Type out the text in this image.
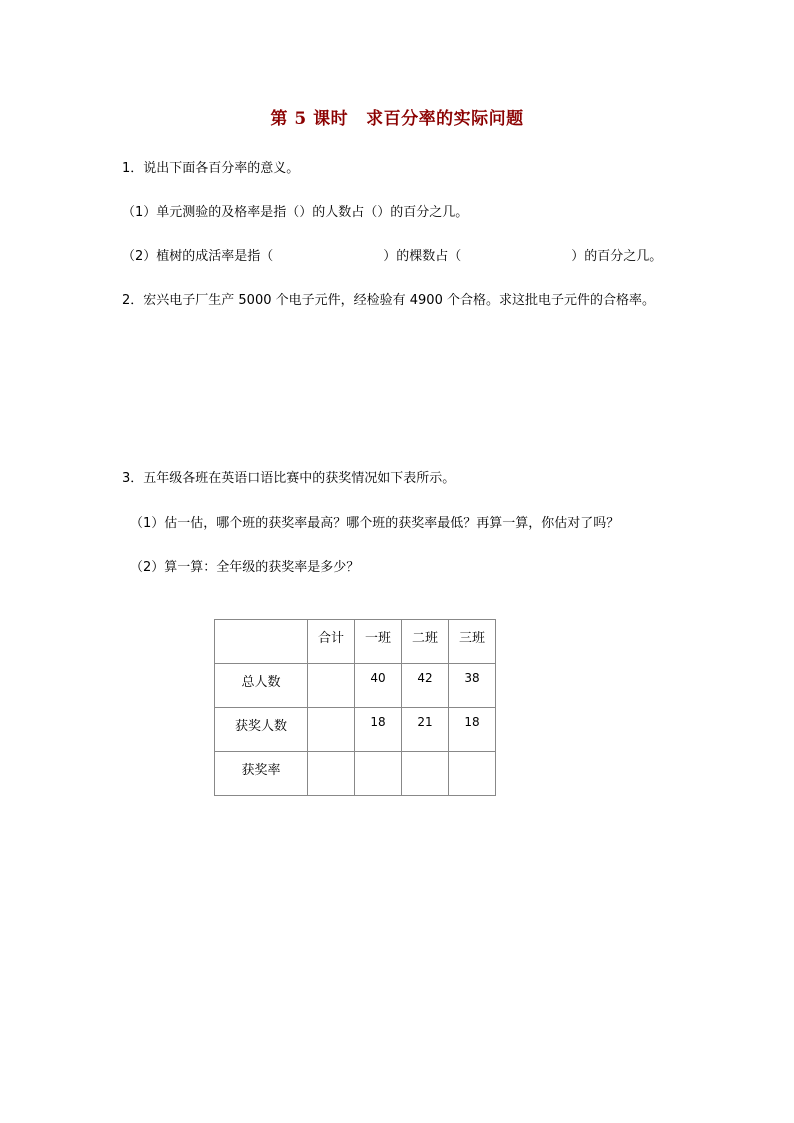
第 5 课时 求百分率的实际问题
1．说出下面各百分率的意义。
（1）单元测验的及格率是指（）的人数占（）的百分之几。
（2）植树的成活率是指（	）的棵数占（	）的百分之几。
2．宏兴电子厂生产 5000 个电子元件，经检验有 4900 个合格。求这批电子元件的合格率。
3．五年级各班在英语口语比赛中的获奖情况如下表所示。
（1）估一估，哪个班的获奖率最高？哪个班的获奖率最低？再算一算，你估对了吗？
（2）算一算：全年级的获奖率是多少？
	合计	一班	二班	三班
总人数		40	42	38
获奖人数		18	21	18
获奖率				
